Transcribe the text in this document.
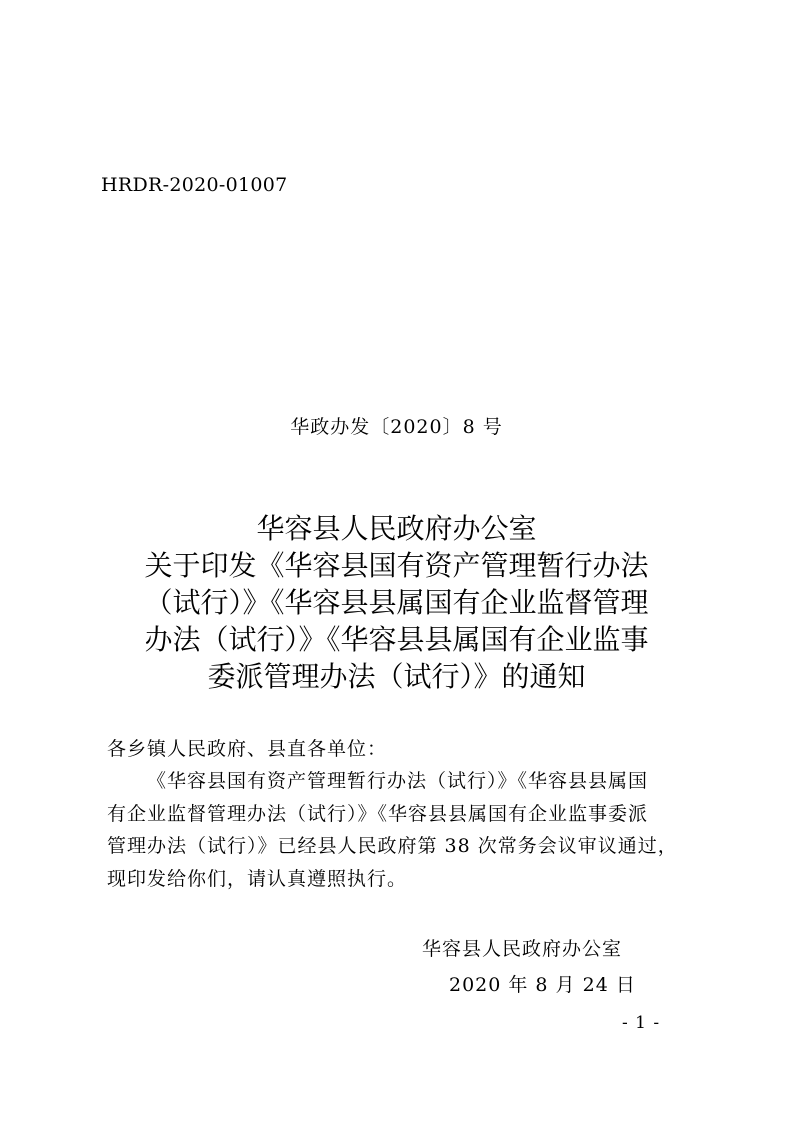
HRDR-2020-01007
华政办发〔2020〕8 号
华容县人民政府办公室
关于印发《华容县国有资产管理暂行办法
（试行）》《华容县县属国有企业监督管理
办法（试行）》《华容县县属国有企业监事
委派管理办法（试行）》的通知
各乡镇人民政府、县直各单位：
《华容县国有资产管理暂行办法（试行）》《华容县县属国
有企业监督管理办法（试行）》《华容县县属国有企业监事委派
管理办法（试行）》已经县人民政府第 38 次常务会议审议通过，
现印发给你们，请认真遵照执行。
华容县人民政府办公室
2020 年 8 月 24 日
- 1 -
